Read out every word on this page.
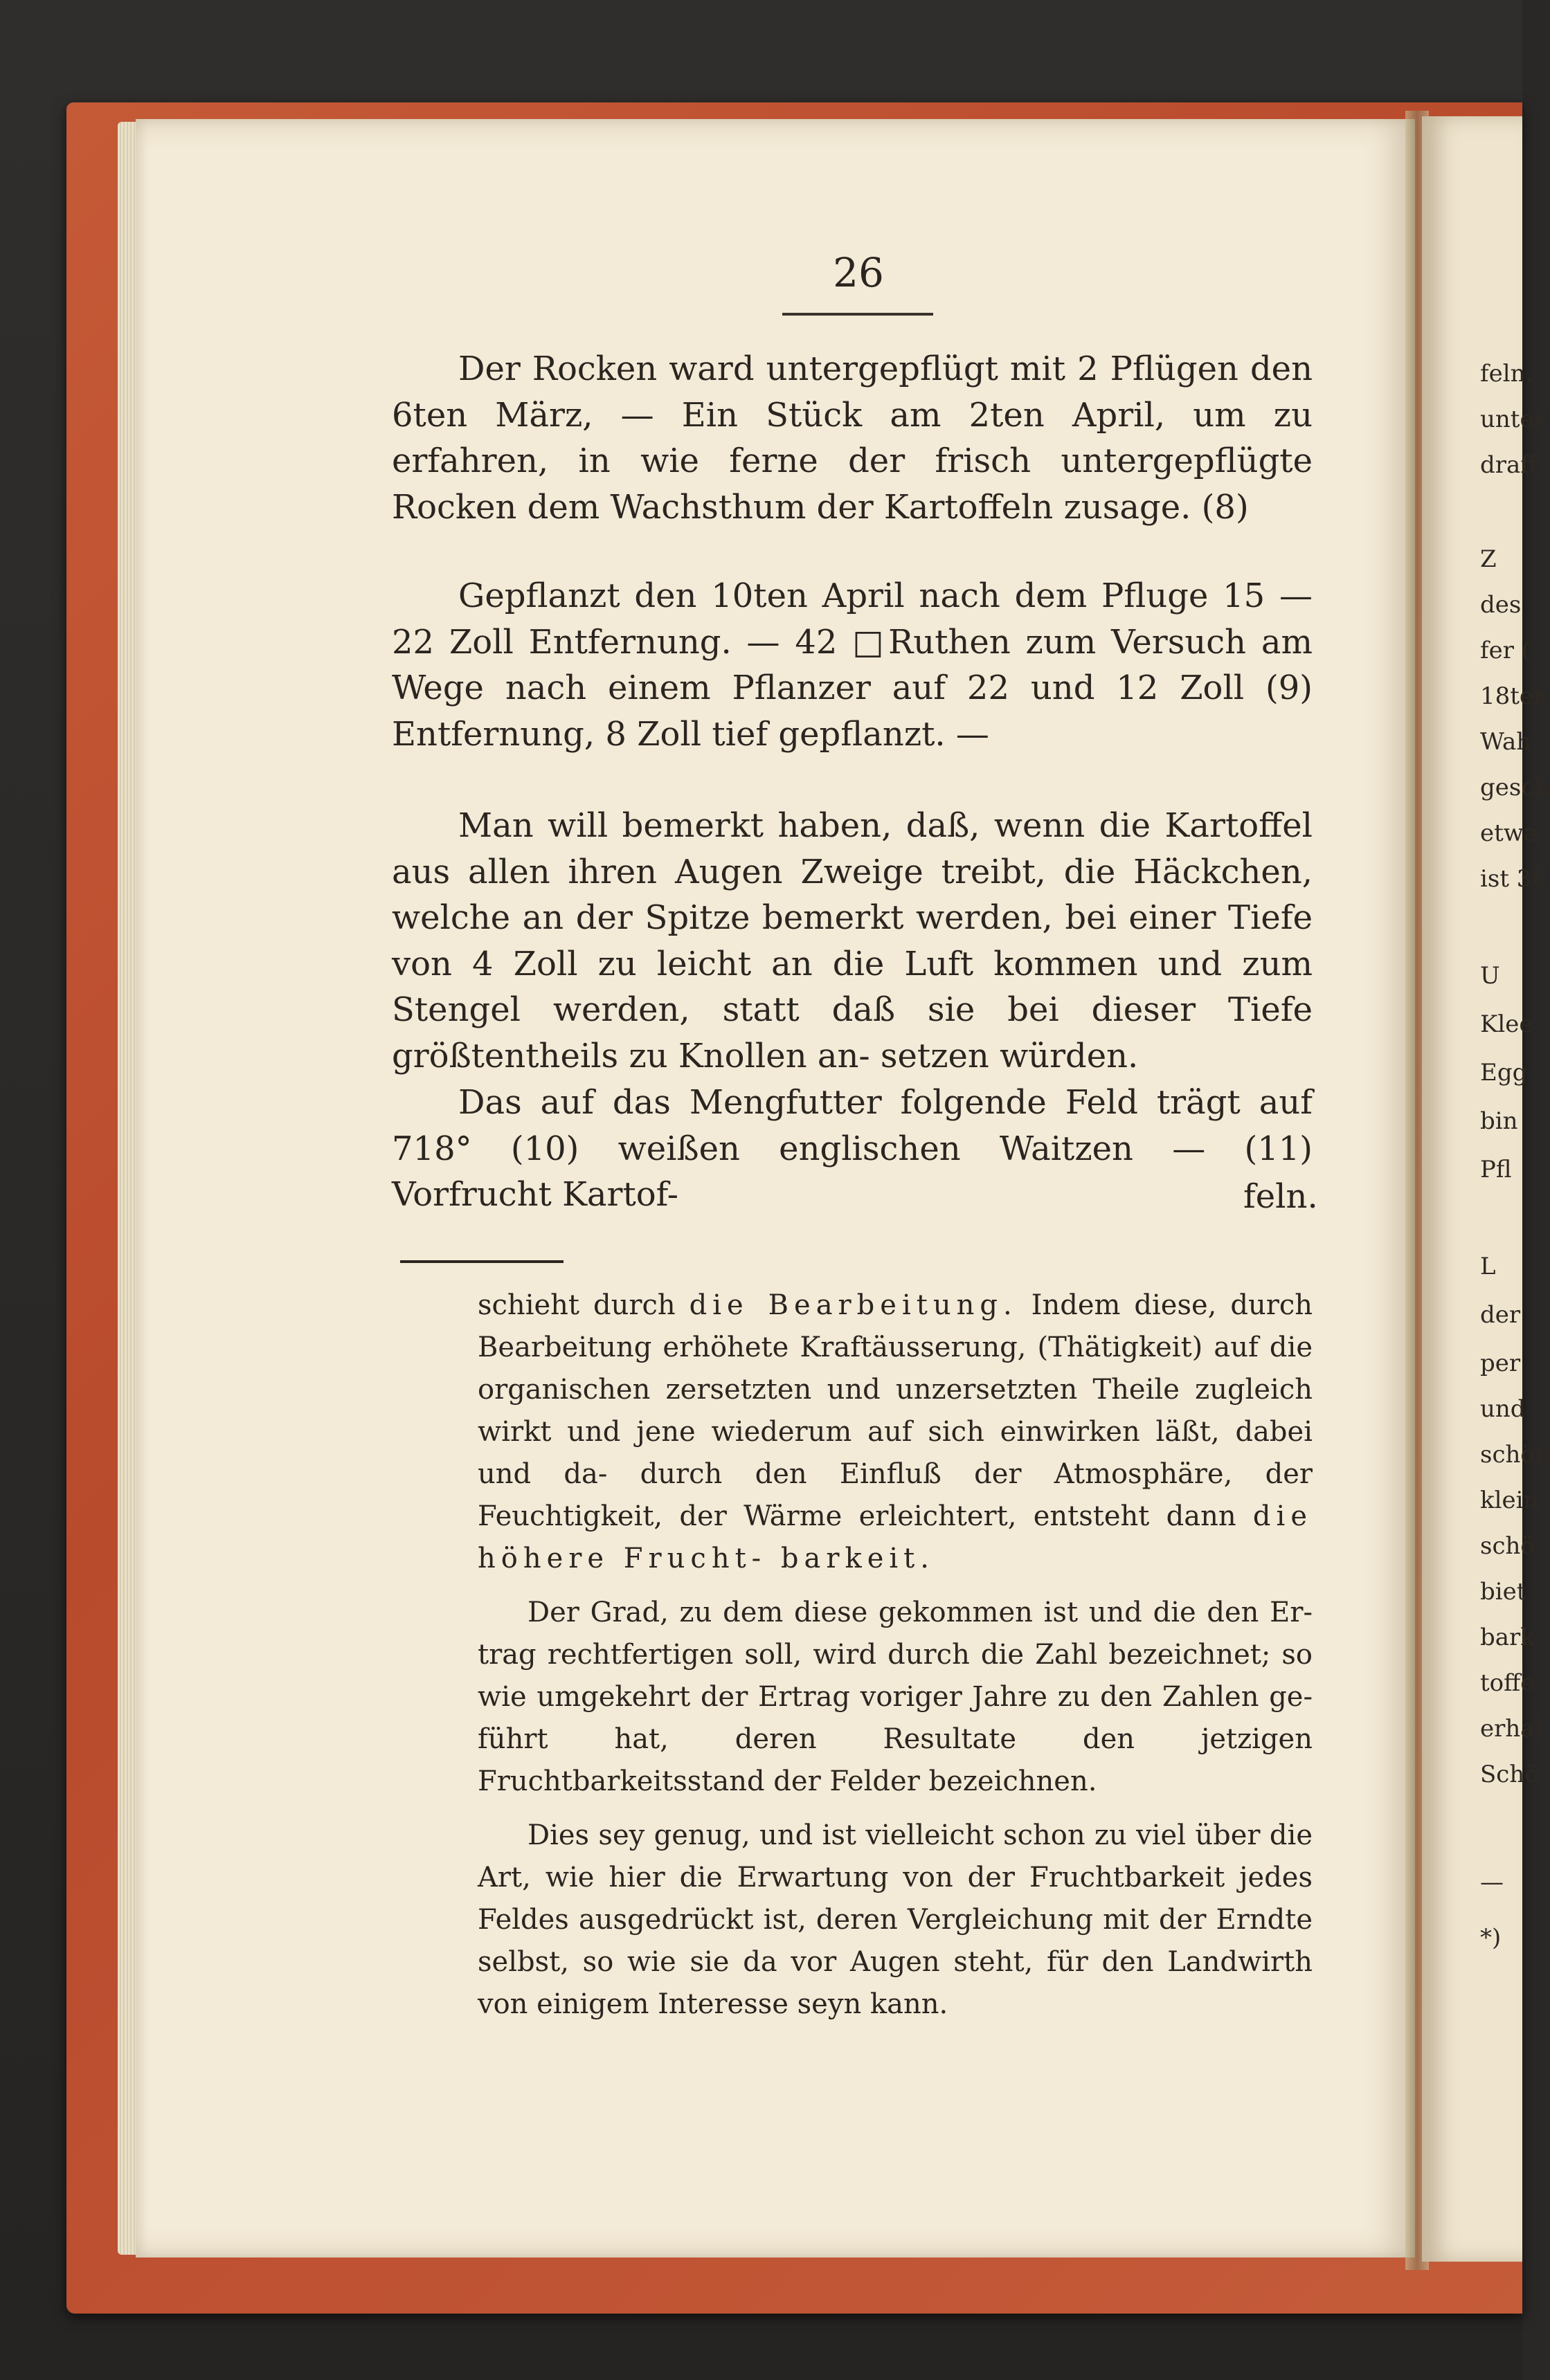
26

Der Rocken ward untergepflügt mit 2 Pflügen den 6ten März, — Ein Stück am 2ten April, um zu erfahren, in wie ferne der frisch untergepflügte Rocken dem Wachsthum der Kartoffeln zusage. (8)

Gepflanzt den 10ten April nach dem Pfluge 15 — 22 Zoll Entfernung. — 42 □Ruthen zum Versuch am Wege nach einem Pflanzer auf 22 und 12 Zoll (9) Entfernung, 8 Zoll tief gepflanzt. —

Man will bemerkt haben, daß, wenn die Kartoffel aus allen ihren Augen Zweige treibt, die Häckchen, welche an der Spitze bemerkt werden, bei einer Tiefe von 4 Zoll zu leicht an die Luft kommen und zum Stengel werden, statt daß sie bei dieser Tiefe größtentheils zu Knollen an- setzen würden.

Das auf das Mengfutter folgende Feld trägt auf 718° (10) weißen englischen Waitzen — (11) Vorfrucht Kartof-	feln.

schieht durch die Bearbeitung. Indem diese, durch Bearbeitung erhöhete Kraftäusserung, (Thätigkeit) auf die organischen zersetzten und unzersetzten Theile zugleich wirkt und jene wiederum auf sich einwirken läßt, dabei und da- durch den Einfluß der Atmosphäre, der Feuchtigkeit, der Wärme erleichtert, entsteht dann die höhere Frucht- barkeit.

Der Grad, zu dem diese gekommen ist und die den Er- trag rechtfertigen soll, wird durch die Zahl bezeichnet; so wie umgekehrt der Ertrag voriger Jahre zu den Zahlen ge- führt hat, deren Resultate den jetzigen Fruchtbarkeitsstand der Felder bezeichnen.

Dies sey genug, und ist vielleicht schon zu viel über die Art, wie hier die Erwartung von der Fruchtbarkeit jedes Feldes ausgedrückt ist, deren Vergleichung mit der Erndte selbst, so wie sie da vor Augen steht, für den Landwirth von einigem Interesse seyn kann.

feln.
unter
draff
Z
des
fer (
18ten
Wah
gesch
etwa
ist 36
U
Klee
Egg
bin
Pfl
L
der
per
und
schön
klein
schö
biet
bark
toffe
erhal
Schö
—
*)
